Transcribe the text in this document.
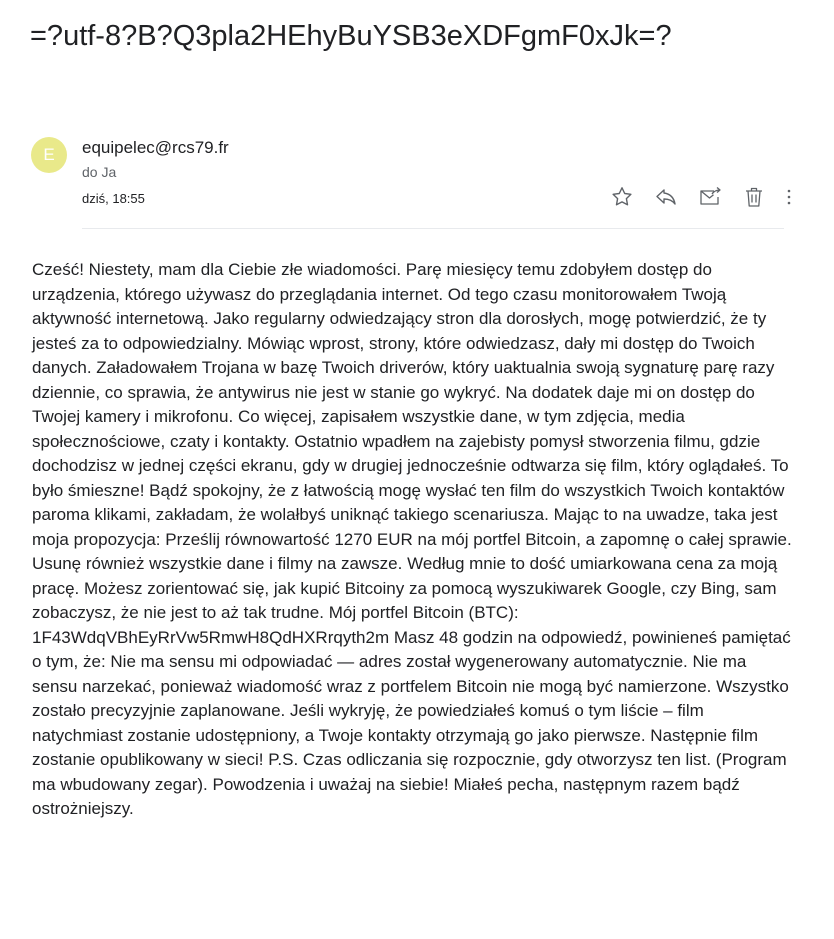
=?utf-8?B?Q3pla2HEhyBuYSB3eXDFgmF0xJk=?
E equipelec@rcs79.fr
do Ja
dziś, 18:55

Cześć! Niestety, mam dla Ciebie złe wiadomości. Parę miesięcy temu zdobyłem dostęp do urządzenia, którego używasz do przeglądania internet. Od tego czasu monitorowałem Twoją aktywność internetową. Jako regularny odwiedzający stron dla dorosłych, mogę potwierdzić, że ty jesteś za to odpowiedzialny. Mówiąc wprost, strony, które odwiedzasz, dały mi dostęp do Twoich danych. Załadowałem Trojana w bazę Twoich driverów, który uaktualnia swoją sygnaturę parę razy dziennie, co sprawia, że antywirus nie jest w stanie go wykryć. Na dodatek daje mi on dostęp do Twojej kamery i mikrofonu. Co więcej, zapisałem wszystkie dane, w tym zdjęcia, media społecznościowe, czaty i kontakty. Ostatnio wpadłem na zajebisty pomysł stworzenia filmu, gdzie dochodzisz w jednej części ekranu, gdy w drugiej jednocześnie odtwarza się film, który oglądałeś. To było śmieszne! Bądź spokojny, że z łatwością mogę wysłać ten film do wszystkich Twoich kontaktów paroma klikami, zakładam, że wolałbyś uniknąć takiego scenariusza. Mając to na uwadze, taka jest moja propozycja: Prześlij równowartość 1270 EUR na mój portfel Bitcoin, a zapomnę o całej sprawie. Usunę również wszystkie dane i filmy na zawsze. Według mnie to dość umiarkowana cena za moją pracę. Możesz zorientować się, jak kupić Bitcoiny za pomocą wyszukiwarek Google, czy Bing, sam zobaczysz, że nie jest to aż tak trudne. Mój portfel Bitcoin (BTC): 1F43WdqVBhEyRrVw5RmwH8QdHXRrqyth2m Masz 48 godzin na odpowiedź, powinieneś pamiętać o tym, że: Nie ma sensu mi odpowiadać — adres został wygenerowany automatycznie. Nie ma sensu narzekać, ponieważ wiadomość wraz z portfelem Bitcoin nie mogą być namierzone. Wszystko zostało precyzyjnie zaplanowane. Jeśli wykryję, że powiedziałeś komuś o tym liście – film natychmiast zostanie udostępniony, a Twoje kontakty otrzymają go jako pierwsze. Następnie film zostanie opublikowany w sieci! P.S. Czas odliczania się rozpocznie, gdy otworzysz ten list. (Program ma wbudowany zegar). Powodzenia i uważaj na siebie! Miałeś pecha, następnym razem bądź ostrożniejszy.
